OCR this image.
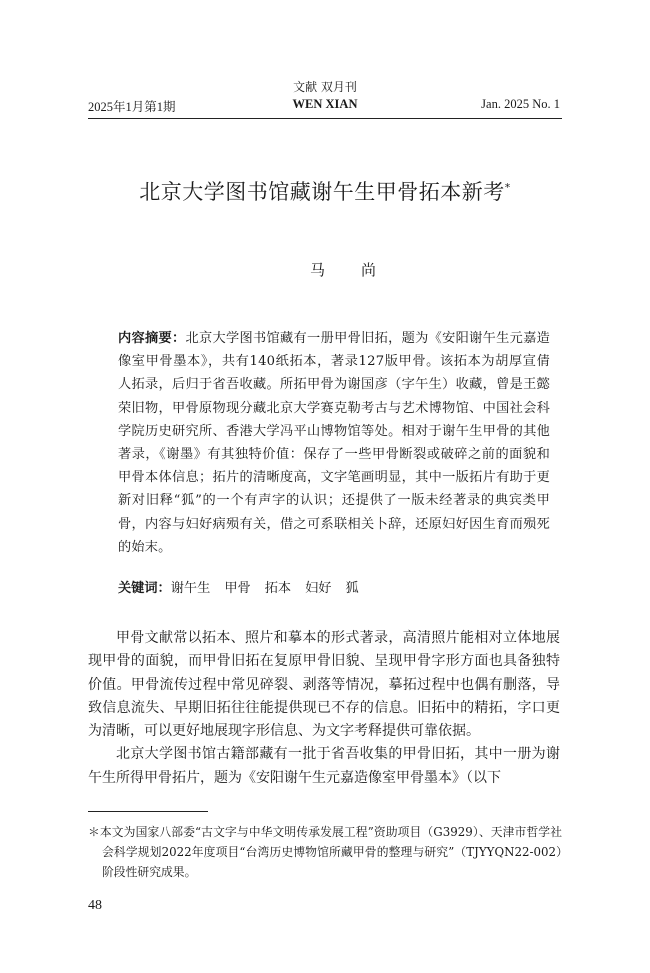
2025年1月第1期
文献 双月刊
WEN XIAN	Jan. 2025 No. 1
北京大学图书馆藏谢午生甲骨拓本新考*
马尚
内容摘要：北京大学图书馆藏有一册甲骨旧拓，题为《安阳谢午生元嘉造像室甲骨墨本》，共有140纸拓本，著录127版甲骨。该拓本为胡厚宣倩人拓录，后归于省吾收藏。所拓甲骨为谢国彦（字午生）收藏，曾是王懿荣旧物，甲骨原物现分藏北京大学赛克勒考古与艺术博物馆、中国社会科学院历史研究所、香港大学冯平山博物馆等处。相对于谢午生甲骨的其他著录，《谢墨》有其独特价值：保存了一些甲骨断裂或破碎之前的面貌和甲骨本体信息；拓片的清晰度高，文字笔画明显，其中一版拓片有助于更新对旧释“狐”的一个有声字的认识；还提供了一版未经著录的典宾类甲骨，内容与妇好病殒有关，借之可系联相关卜辞，还原妇好因生育而殒死的始末。
关键词：谢午生 甲骨 拓本 妇好 狐

甲骨文献常以拓本、照片和摹本的形式著录，高清照片能相对立体地展现甲骨的面貌，而甲骨旧拓在复原甲骨旧貌、呈现甲骨字形方面也具备独特价值。甲骨流传过程中常见碎裂、剥落等情况，摹拓过程中也偶有删落，导致信息流失、早期旧拓往往能提供现已不存的信息。旧拓中的精拓，字口更为清晰，可以更好地展现字形信息、为文字考释提供可靠依据。

北京大学图书馆古籍部藏有一批于省吾收集的甲骨旧拓，其中一册为谢午生所得甲骨拓片，题为《安阳谢午生元嘉造像室甲骨墨本》（以下

＊本文为国家八部委“古文字与中华文明传承发展工程”资助项目（G3929）、天津市哲学社会科学规划2022年度项目“台湾历史博物馆所藏甲骨的整理与研究”（TJYYQN22-002）阶段性研究成果。
48
